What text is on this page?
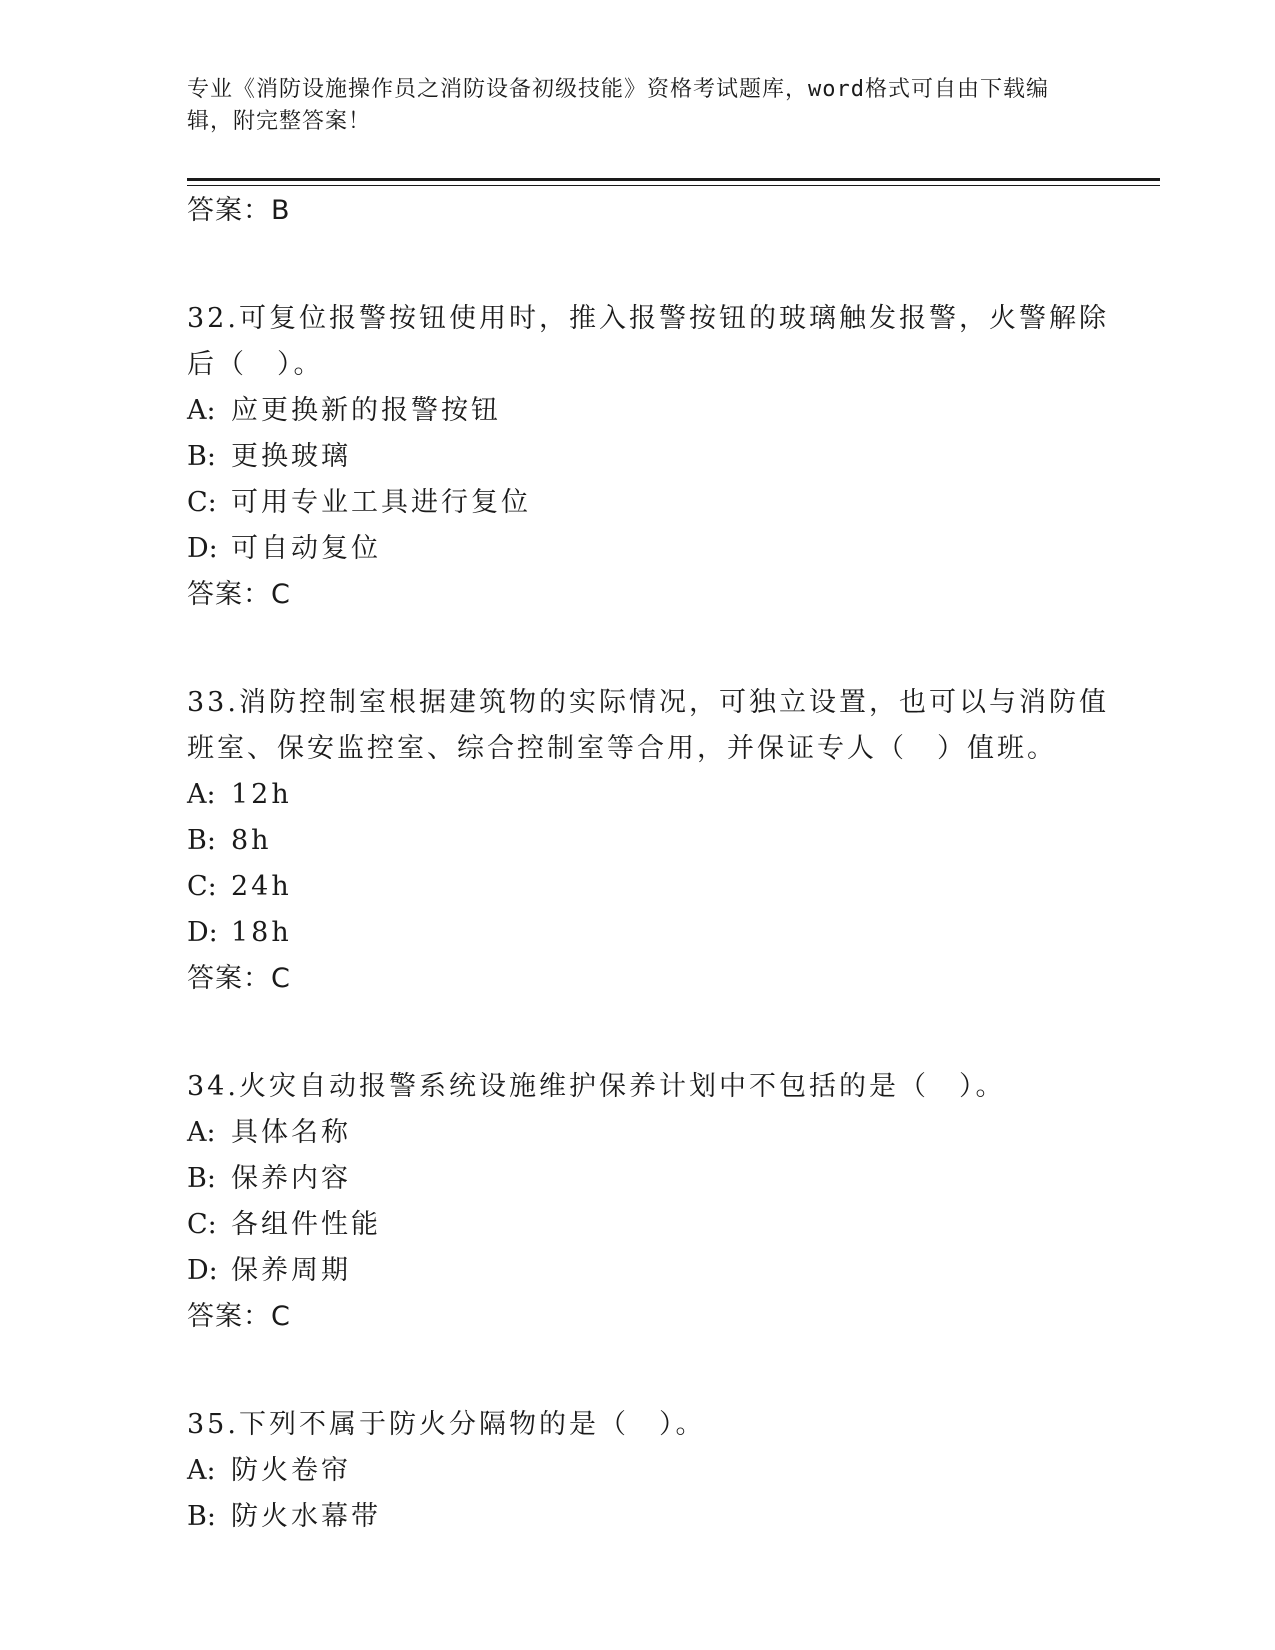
专业《消防设施操作员之消防设备初级技能》资格考试题库，word格式可自由下载编辑，附完整答案！
答案：B
32.可复位报警按钮使用时，推入报警按钮的玻璃触发报警，火警解除
后（　）。
A: 应更换新的报警按钮
B: 更换玻璃
C: 可用专业工具进行复位
D: 可自动复位
答案：C
33.消防控制室根据建筑物的实际情况，可独立设置，也可以与消防值
班室、保安监控室、综合控制室等合用，并保证专人（　）值班。
A: 12h
B: 8h
C: 24h
D: 18h
答案：C
34.火灾自动报警系统设施维护保养计划中不包括的是（　）。
A: 具体名称
B: 保养内容
C: 各组件性能
D: 保养周期
答案：C
35.下列不属于防火分隔物的是（　）。
A: 防火卷帘
B: 防火水幕带
